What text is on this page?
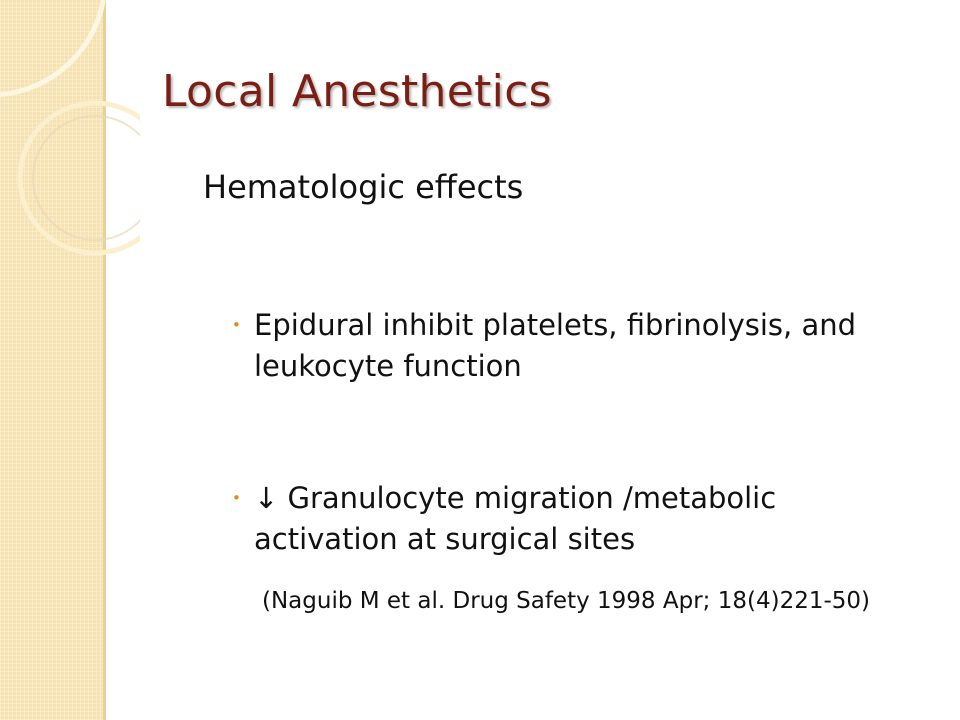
Local Anesthetics
Hematologic effects
• Epidural inhibit platelets, fibrinolysis, and leukocyte function
• ↓ Granulocyte migration /metabolic activation at surgical sites
(Naguib M et al. Drug Safety 1998 Apr; 18(4)221-50)
